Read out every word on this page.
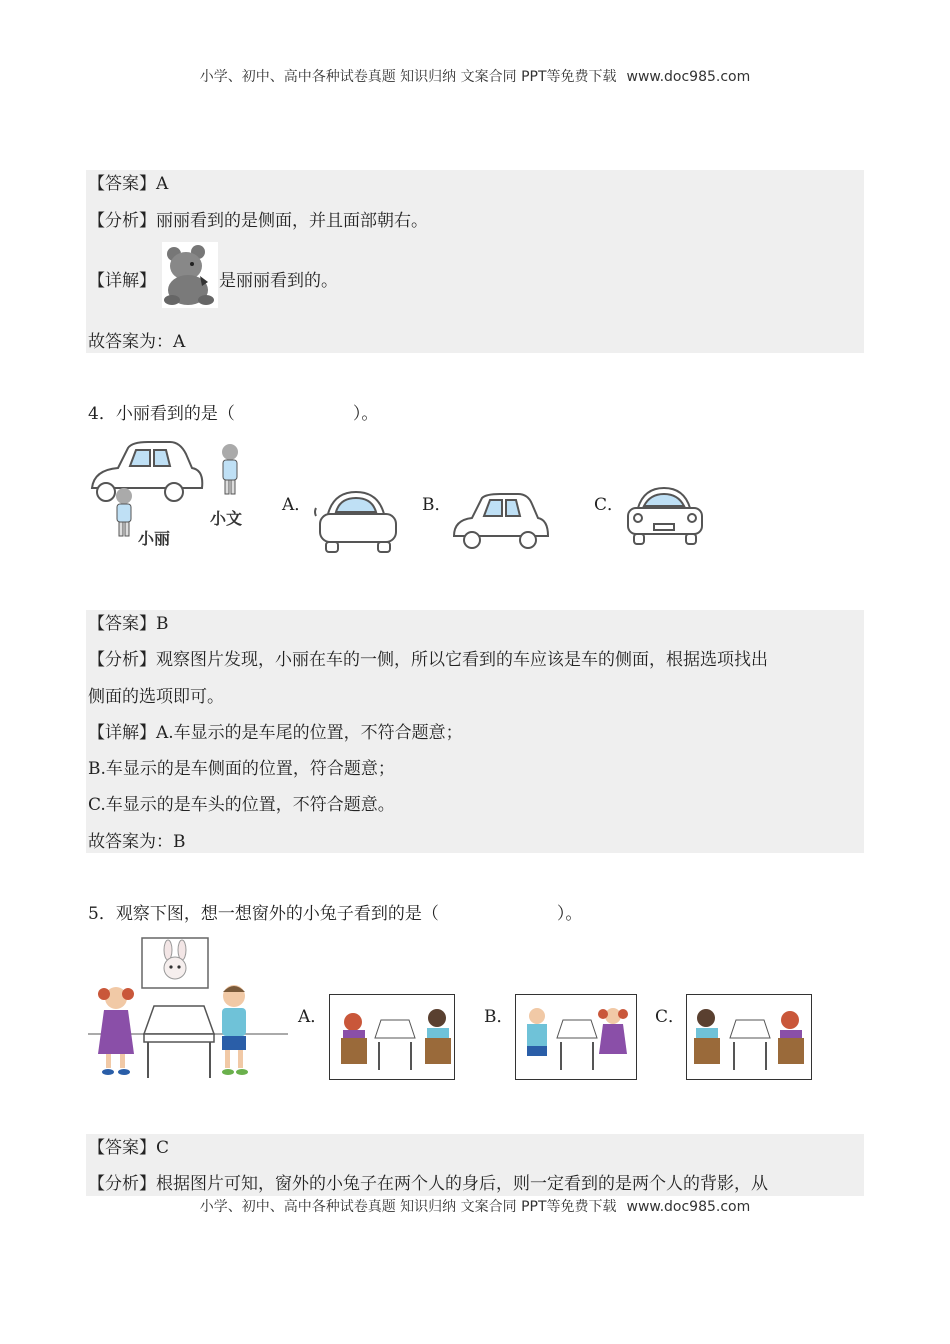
小学、初中、高中各种试卷真题 知识归纳 文案合同 PPT等免费下载 www.doc985.com
【答案】A
【分析】丽丽看到的是侧面，并且面部朝右。
【详解】	是丽丽看到的。
故答案为：A
4．小丽看到的是（	）。
小丽
小文
A．	B．	C．
【答案】B
【分析】观察图片发现，小丽在车的一侧，所以它看到的车应该是车的侧面，根据选项找出
侧面的选项即可。
【详解】A.车显示的是车尾的位置，不符合题意；
B.车显示的是车侧面的位置，符合题意；
C.车显示的是车头的位置，不符合题意。
故答案为：B
5．观察下图，想一想窗外的小兔子看到的是（	）。
A．	B．	C．
【答案】C
【分析】根据图片可知，窗外的小兔子在两个人的身后，则一定看到的是两个人的背影，从
小学、初中、高中各种试卷真题 知识归纳 文案合同 PPT等免费下载 www.doc985.com
